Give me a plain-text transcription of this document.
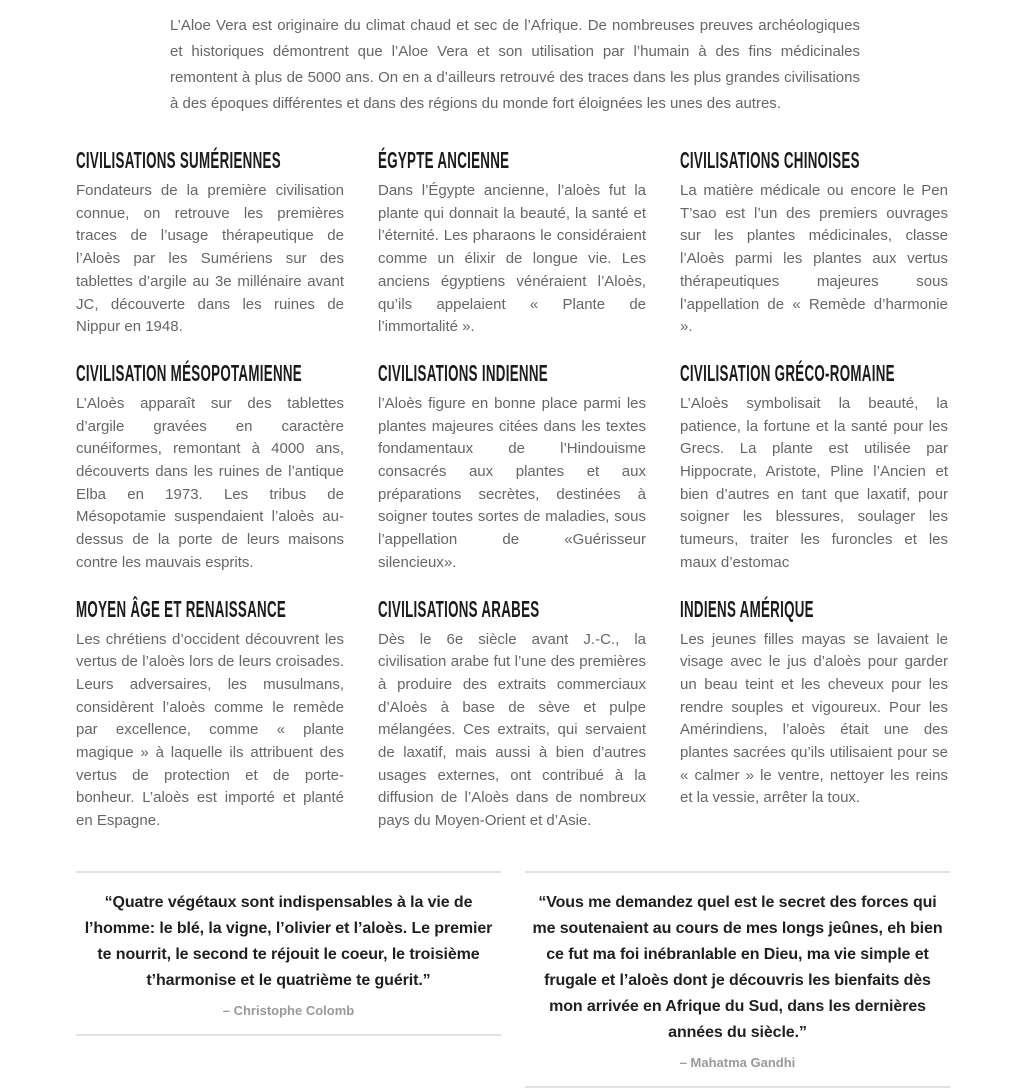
L’Aloe Vera est originaire du climat chaud et sec de l’Afrique. De nombreuses preuves archéologiques et historiques démontrent que l’Aloe Vera et son utilisation par l’humain à des fins médicinales remontent à plus de 5000 ans. On en a d’ailleurs retrouvé des traces dans les plus grandes civilisations à des époques différentes et dans des régions du monde fort éloignées les unes des autres.

CIVILISATIONS SUMÉRIENNES

Fondateurs de la première civilisation connue, on retrouve les premières traces de l’usage thérapeutique de l’Aloès par les Sumériens sur des tablettes d’argile au 3e millénaire avant JC, découverte dans les ruines de Nippur en 1948.

ÉGYPTE ANCIENNE

Dans l’Égypte ancienne, l’aloès fut la plante qui donnait la beauté, la santé et l’éternité. Les pharaons le considéraient comme un élixir de longue vie. Les anciens égyptiens vénéraient l’Aloès, qu’ils appelaient « Plante de l’immortalité ».

CIVILISATIONS CHINOISES

La matière médicale ou encore le Pen T’sao est l’un des premiers ouvrages sur les plantes médicinales, classe l’Aloès parmi les plantes aux vertus thérapeutiques majeures sous l’appellation de « Remède d’harmonie ».

CIVILISATION MÉSOPOTAMIENNE

L’Aloès apparaît sur des tablettes d’argile gravées en caractère cunéiformes, remontant à 4000 ans, découverts dans les ruines de l’antique Elba en 1973. Les tribus de Mésopotamie suspendaient l’aloès au-dessus de la porte de leurs maisons contre les mauvais esprits.

CIVILISATIONS INDIENNE

l’Aloès figure en bonne place parmi les plantes majeures citées dans les textes fondamentaux de l’Hindouisme consacrés aux plantes et aux préparations secrètes, destinées à soigner toutes sortes de maladies, sous l’appellation de «Guérisseur silencieux».

CIVILISATION GRÉCO-ROMAINE

L’Aloès symbolisait la beauté, la patience, la fortune et la santé pour les Grecs. La plante est utilisée par Hippocrate, Aristote, Pline l’Ancien et bien d’autres en tant que laxatif, pour soigner les blessures, soulager les tumeurs, traiter les furoncles et les maux d’estomac

MOYEN ÂGE ET RENAISSANCE

Les chrétiens d’occident découvrent les vertus de l’aloès lors de leurs croisades. Leurs adversaires, les musulmans, considèrent l’aloès comme le remède par excellence, comme « plante magique » à laquelle ils attribuent des vertus de protection et de porte-bonheur. L’aloès est importé et planté en Espagne.

CIVILISATIONS ARABES

Dès le 6e siècle avant J.-C., la civilisation arabe fut l’une des premières à produire des extraits commerciaux d’Aloès à base de sève et pulpe mélangées. Ces extraits, qui servaient de laxatif, mais aussi à bien d’autres usages externes, ont contribué à la diffusion de l’Aloès dans de nombreux pays du Moyen-Orient et d’Asie.

INDIENS AMÉRIQUE

Les jeunes filles mayas se lavaient le visage avec le jus d’aloès pour garder un beau teint et les cheveux pour les rendre souples et vigoureux. Pour les Amérindiens, l’aloès était une des plantes sacrées qu’ils utilisaient pour se « calmer » le ventre, nettoyer les reins et la vessie, arrêter la toux.

“Quatre végétaux sont indispensables à la vie de l’homme: le blé, la vigne, l’olivier et l’aloès. Le premier te nourrit, le second te réjouit le coeur, le troisième t’harmonise et le quatrième te guérit.”

– Christophe Colomb

“Vous me demandez quel est le secret des forces qui me soutenaient au cours de mes longs jeûnes, eh bien ce fut ma foi inébranlable en Dieu, ma vie simple et frugale et l’aloès dont je découvris les bienfaits dès mon arrivée en Afrique du Sud, dans les dernières années du siècle.”

– Mahatma Gandhi
